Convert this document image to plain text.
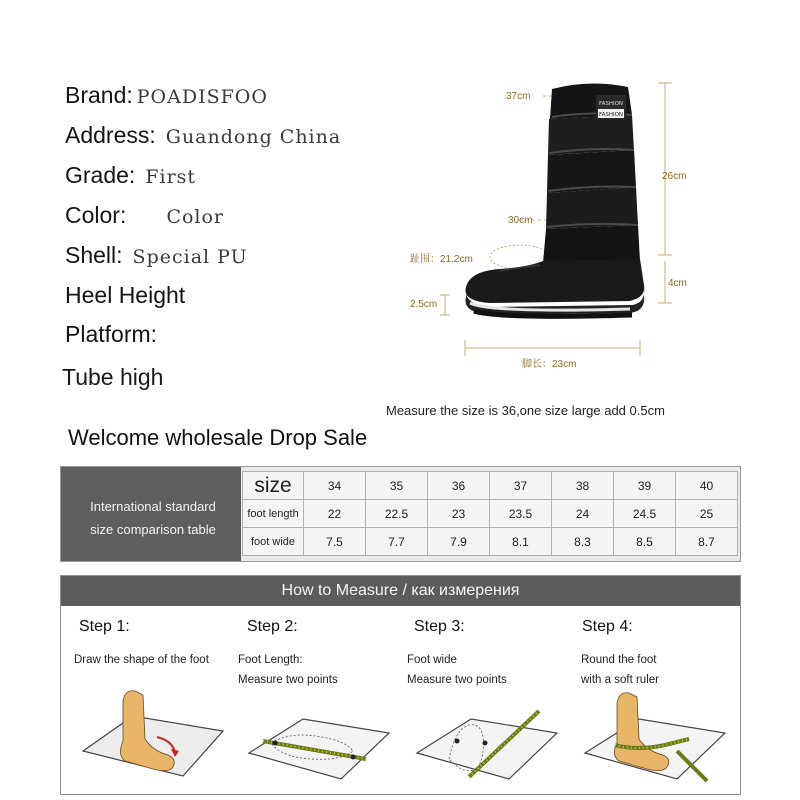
Brand: POADISFOO
Address: Guandong China
Grade: First
Color: Color
Shell: Special PU
Heel Height
Platform:
Tube high
FASHION
FASHION
37cm
26cm
30cm
趾围：21.2cm
4cm
2.5cm
脚长：23cm
Measure the size is 36,one size large add 0.5cm
Welcome wholesale Drop Sale
International standard
size comparison table
size	34	35	36	37	38	39	40
foot length	22	22.5	23	23.5	24	24.5	25
foot wide	7.5	7.7	7.9	8.1	8.3	8.5	8.7
How to Measure / как измерения
Step 1:
Draw the shape of the foot
Step 2:
Foot Length:
Measure two points
Step 3:
Foot wide
Measure two points
Step 4:
Round the foot
with a soft ruler
